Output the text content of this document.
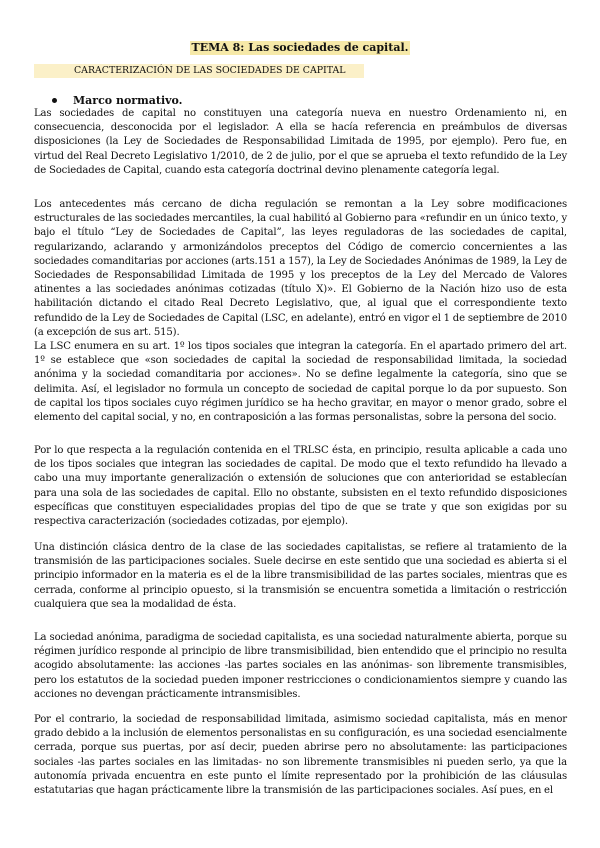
TEMA 8: Las sociedades de capital.
CARACTERIZACIÓN DE LAS SOCIEDADES DE CAPITAL
Marco normativo.

Las sociedades de capital no constituyen una categoría nueva en nuestro Ordenamiento ni, en consecuencia, desconocida por el legislador. A ella se hacía referencia en preámbulos de diversas disposiciones (la Ley de Sociedades de Responsabilidad Limitada de 1995, por ejemplo). Pero fue, en virtud del Real Decreto Legislativo 1/2010, de 2 de julio, por el que se aprueba el texto refundido de la Ley de Sociedades de Capital, cuando esta categoría doctrinal devino plenamente categoría legal.

Los antecedentes más cercano de dicha regulación se remontan a la Ley sobre modificaciones estructurales de las sociedades mercantiles, la cual habilitó al Gobierno para «refundir en un único texto, y bajo el título “Ley de Sociedades de Capital”, las leyes reguladoras de las sociedades de capital, regularizando, aclarando y armonizándolos preceptos del Código de comercio concernientes a las sociedades comanditarias por acciones (arts.151 a 157), la Ley de Sociedades Anónimas de 1989, la Ley de Sociedades de Responsabilidad Limitada de 1995 y los preceptos de la Ley del Mercado de Valores atinentes a las sociedades anónimas cotizadas (título X)». El Gobierno de la Nación hizo uso de esta habilitación dictando el citado Real Decreto Legislativo, que, al igual que el correspondiente texto refundido de la Ley de Sociedades de Capital (LSC, en adelante), entró en vigor el 1 de septiembre de 2010 (a excepción de sus art. 515).

La LSC enumera en su art. 1º los tipos sociales que integran la categoría. En el apartado primero del art. 1º se establece que «son sociedades de capital la sociedad de responsabilidad limitada, la sociedad anónima y la sociedad comanditaria por acciones». No se define legalmente la categoría, sino que se delimita. Así, el legislador no formula un concepto de sociedad de capital porque lo da por supuesto. Son de capital los tipos sociales cuyo régimen jurídico se ha hecho gravitar, en mayor o menor grado, sobre el elemento del capital social, y no, en contraposición a las formas personalistas, sobre la persona del socio.

Por lo que respecta a la regulación contenida en el TRLSC ésta, en principio, resulta aplicable a cada uno de los tipos sociales que integran las sociedades de capital. De modo que el texto refundido ha llevado a cabo una muy importante generalización o extensión de soluciones que con anterioridad se establecían para una sola de las sociedades de capital. Ello no obstante, subsisten en el texto refundido disposiciones específicas que constituyen especialidades propias del tipo de que se trate y que son exigidas por su respectiva caracterización (sociedades cotizadas, por ejemplo).

Una distinción clásica dentro de la clase de las sociedades capitalistas, se refiere al tratamiento de la transmisión de las participaciones sociales. Suele decirse en este sentido que una sociedad es abierta si el principio informador en la materia es el de la libre transmisibilidad de las partes sociales, mientras que es cerrada, conforme al principio opuesto, si la transmisión se encuentra sometida a limitación o restricción cualquiera que sea la modalidad de ésta.

La sociedad anónima, paradigma de sociedad capitalista, es una sociedad naturalmente abierta, porque su régimen jurídico responde al principio de libre transmisibilidad, bien entendido que el principio no resulta acogido absolutamente: las acciones -las partes sociales en las anónimas- son libremente transmisibles, pero los estatutos de la sociedad pueden imponer restricciones o condicionamientos siempre y cuando las acciones no devengan prácticamente intransmisibles.

Por el contrario, la sociedad de responsabilidad limitada, asimismo sociedad capitalista, más en menor grado debido a la inclusión de elementos personalistas en su configuración, es una sociedad esencialmente cerrada, porque sus puertas, por así decir, pueden abrirse pero no absolutamente: las participaciones sociales -las partes sociales en las limitadas- no son libremente transmisibles ni pueden serlo, ya que la autonomía privada encuentra en este punto el límite representado por la prohibición de las cláusulas estatutarias que hagan prácticamente libre la transmisión de las participaciones sociales. Así pues, en el
